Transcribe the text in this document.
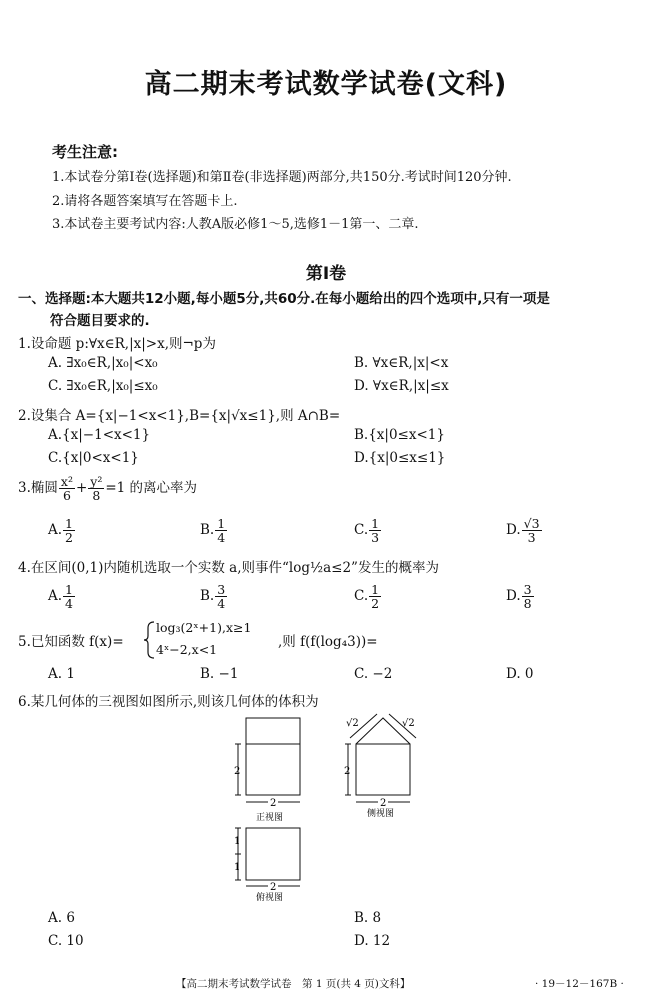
高二期末考试数学试卷(文科)
考生注意:
1.本试卷分第Ⅰ卷(选择题)和第Ⅱ卷(非选择题)两部分,共150分.考试时间120分钟.
2.请将各题答案填写在答题卡上.
3.本试卷主要考试内容:人教A版必修1～5,选修1－1第一、二章.
第Ⅰ卷
一、选择题:本大题共12小题,每小题5分,共60分.在每小题给出的四个选项中,只有一项是
符合题目要求的.
1.设命题 p:∀x∈R,|x|>x,则¬p为
A. ∃x₀∈R,|x₀|<x₀	B. ∀x∈R,|x|<x
C. ∃x₀∈R,|x₀|≤x₀	D. ∀x∈R,|x|≤x
2.设集合 A={x|−1<x<1},B={x|√x≤1},则 A∩B=
A.{x|−1<x<1}	B.{x|0≤x<1}
C.{x|0<x<1}	D.{x|0≤x≤1}
3.椭圆 $\frac{\text{x²}}{6} + \frac{\text{y²}}{8} =1$ 的离心率为
A. $\frac{1}{2}$	B. $\frac{1}{4}$	C. $\frac{1}{3}$	D. $\frac{√3}{3}$
4.在区间(0,1)内随机选取一个实数 a,则事件“log½a≤2”发生的概率为
A. $\frac{1}{4}$	B. $\frac{3}{4}$	C. $\frac{1}{2}$	D. $\frac{3}{8}$
5.已知函数 f(x)=
log₃(2ˣ+1),x≥1
4ˣ−2,x<1	,则 f(f(log₄3))=
A. 1	B. −1	C. −2	D. 0
6.某几何体的三视图如图所示,则该几何体的体积为
2
2
正视图
2
2
√2	√2
侧视图
1
1
2
俯视图
A. 6	B. 8
C. 10	D. 12
【高二期末考试数学试卷　第 1 页(共 4 页)文科】	· 19－12－167B ·
